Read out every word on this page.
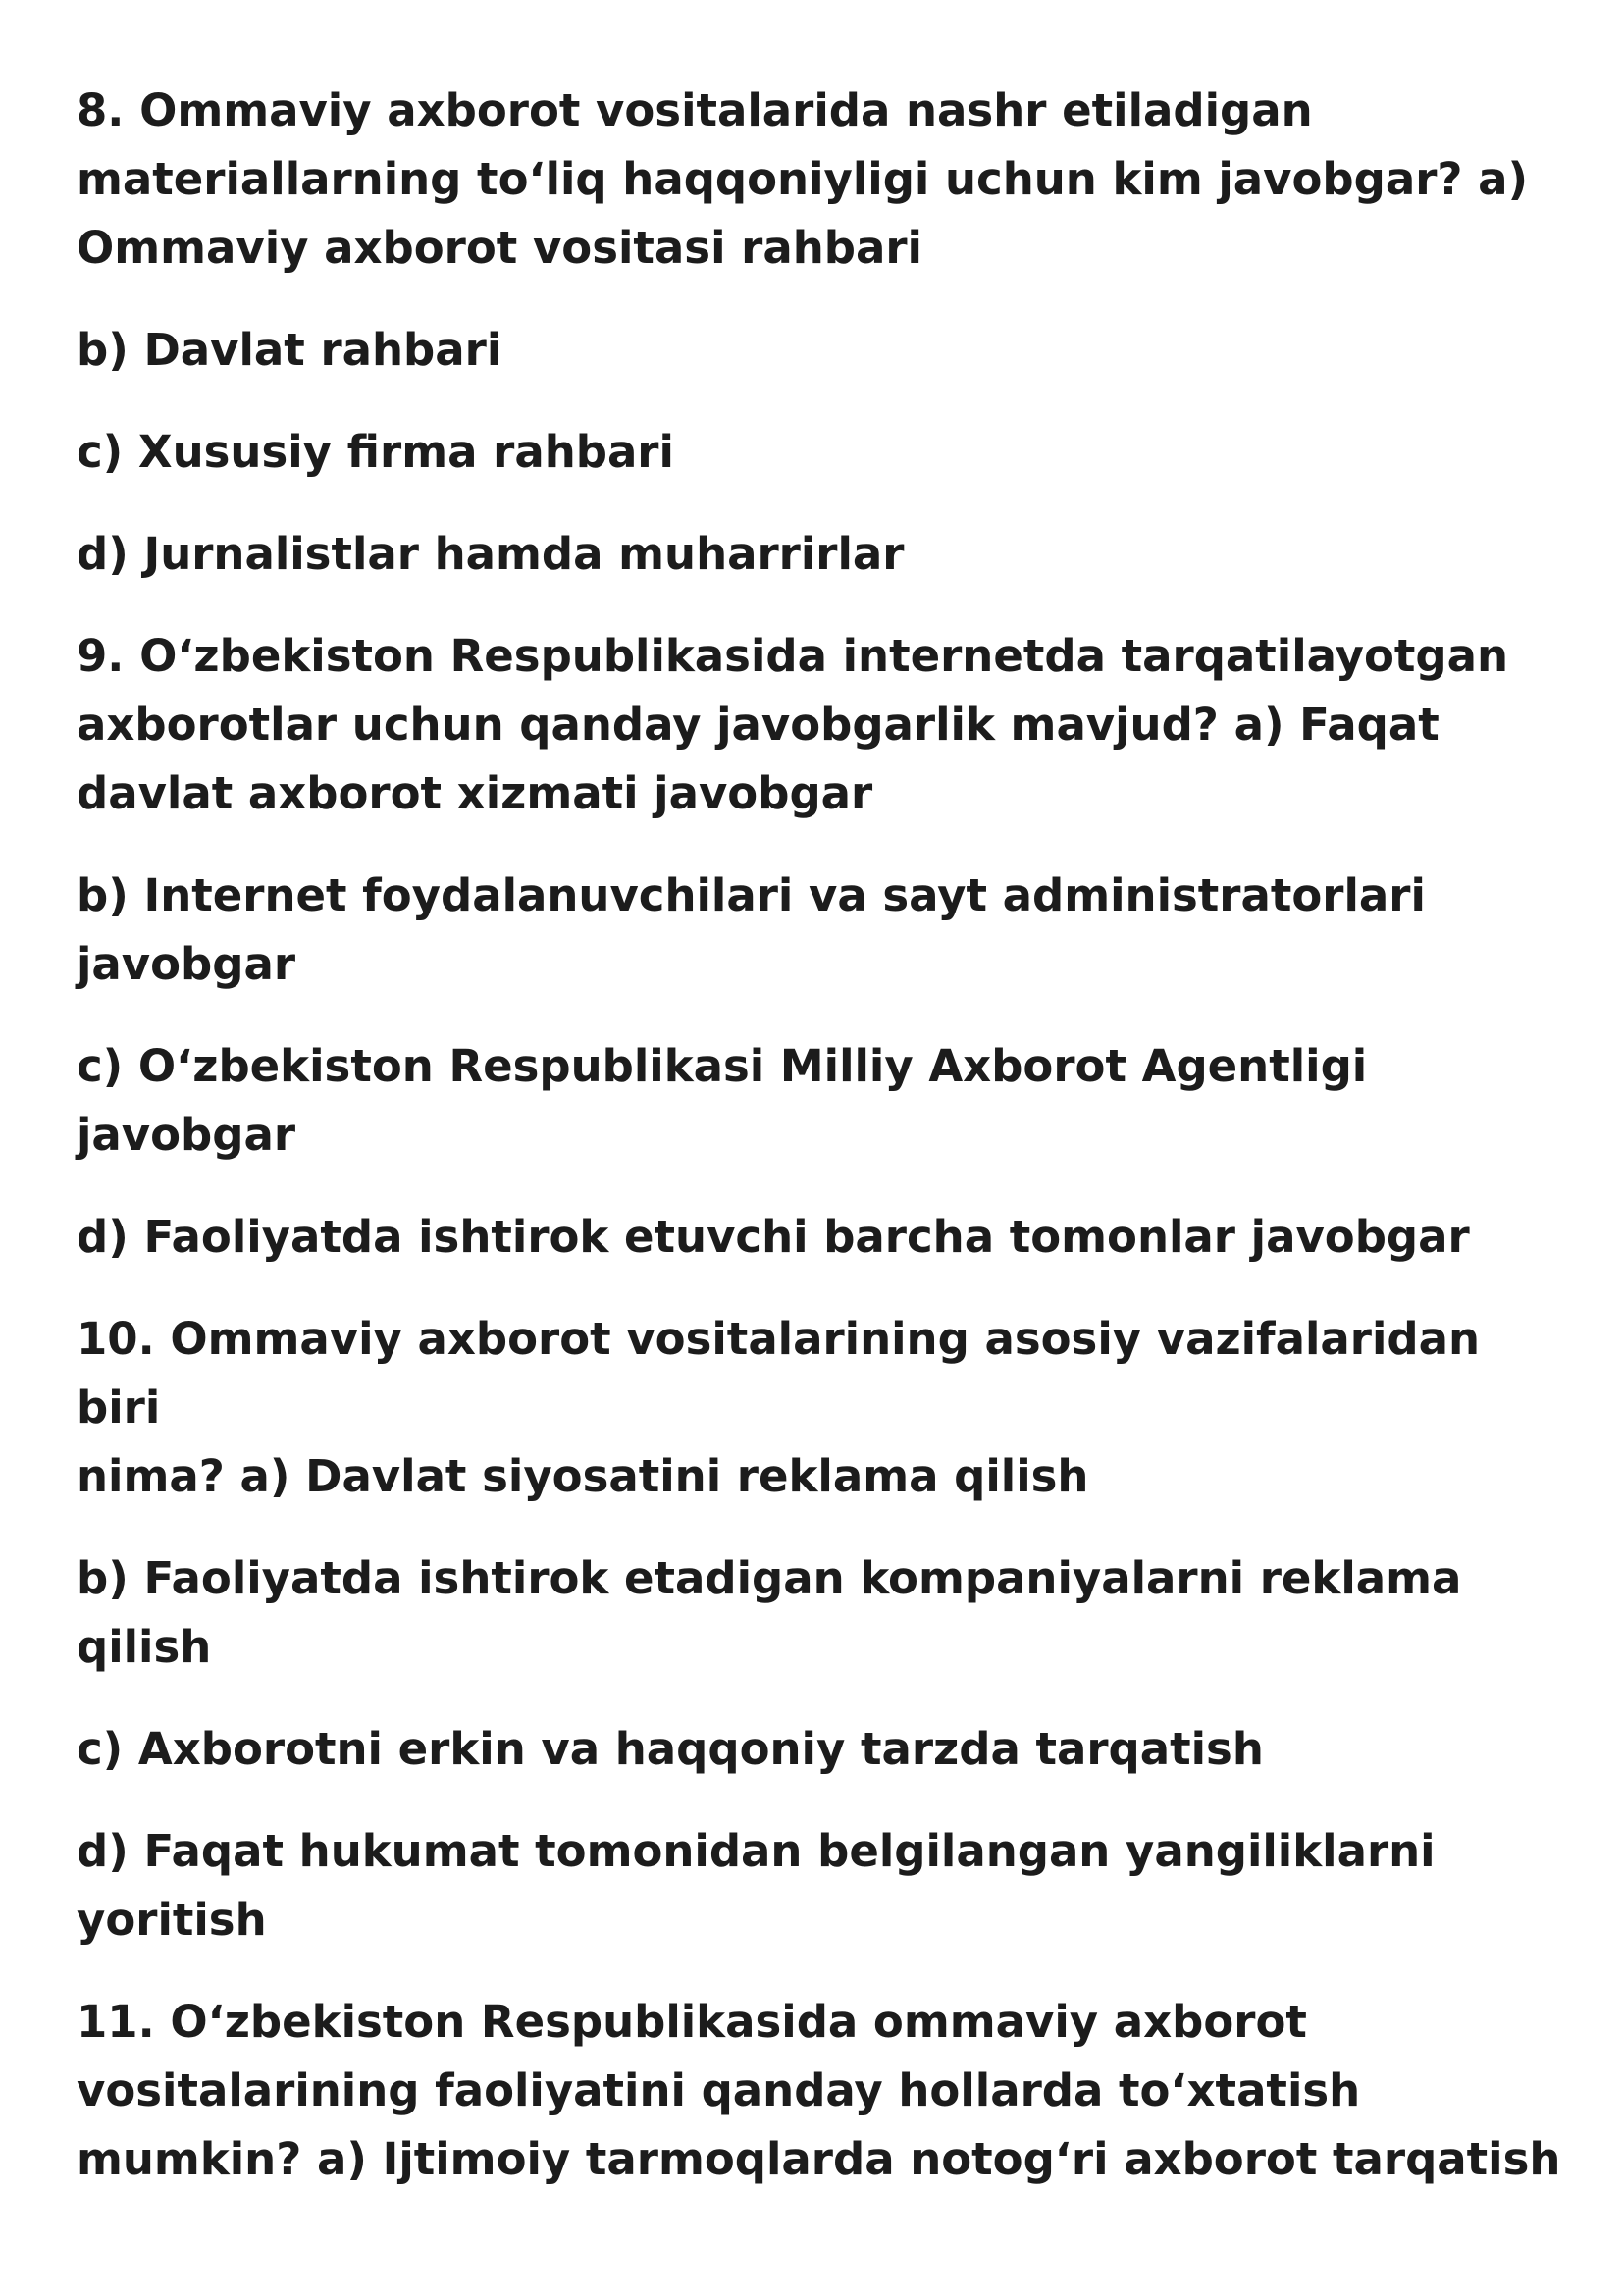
8. Ommaviy axborot vositalarida nashr etiladigan
materiallarning to‘liq haqqoniyligi uchun kim javobgar? a)
Ommaviy axborot vositasi rahbari

b) Davlat rahbari

c) Xususiy firma rahbari

d) Jurnalistlar hamda muharrirlar

9. O‘zbekiston Respublikasida internetda tarqatilayotgan
axborotlar uchun qanday javobgarlik mavjud? a) Faqat
davlat axborot xizmati javobgar

b) Internet foydalanuvchilari va sayt administratorlari
javobgar

c) O‘zbekiston Respublikasi Milliy Axborot Agentligi
javobgar

d) Faoliyatda ishtirok etuvchi barcha tomonlar javobgar

10. Ommaviy axborot vositalarining asosiy vazifalaridan biri
nima? a) Davlat siyosatini reklama qilish

b) Faoliyatda ishtirok etadigan kompaniyalarni reklama
qilish

c) Axborotni erkin va haqqoniy tarzda tarqatish

d) Faqat hukumat tomonidan belgilangan yangiliklarni
yoritish

11. O‘zbekiston Respublikasida ommaviy axborot
vositalarining faoliyatini qanday hollarda to‘xtatish
mumkin? a) Ijtimoiy tarmoqlarda notog‘ri axborot tarqatish
